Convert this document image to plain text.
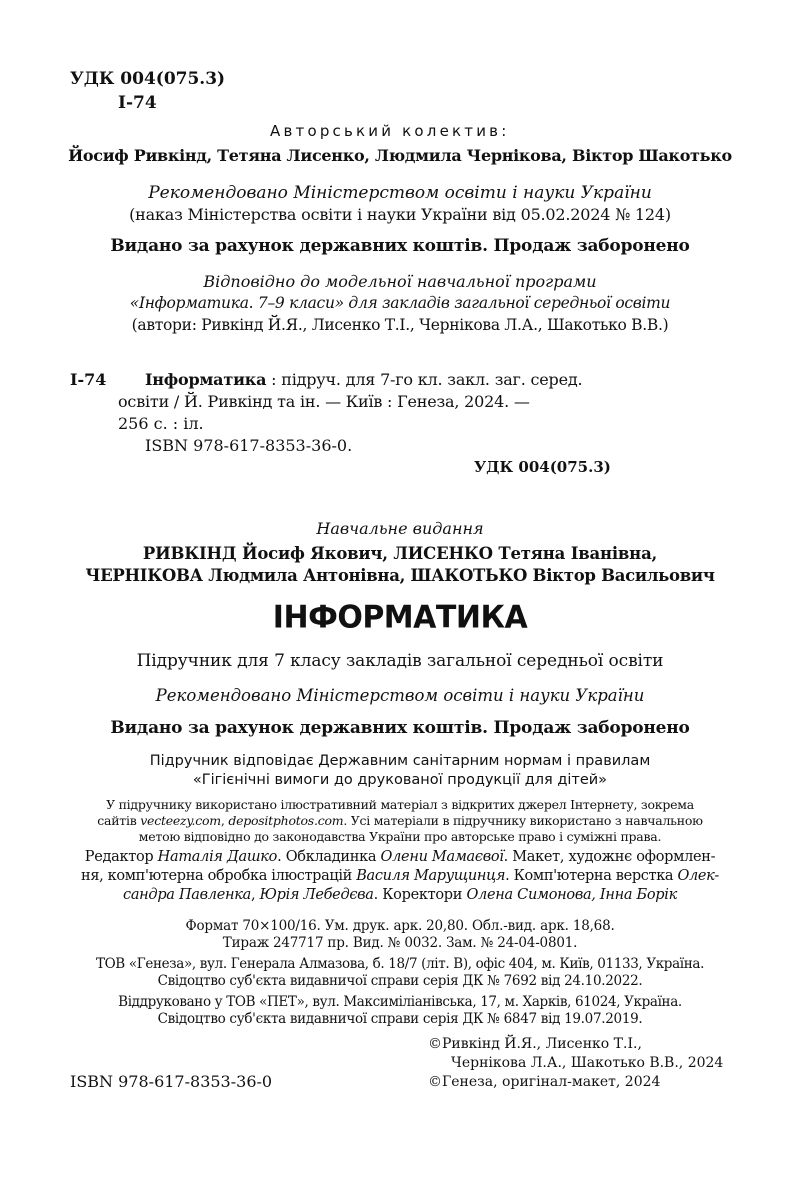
УДК 004(075.3)
І-74
Авторський колектив:
Йосиф Ривкінд, Тетяна Лисенко, Людмила Чернікова, Віктор Шакотько
Рекомендовано Міністерством освіти і науки України
(наказ Міністерства освіти і науки України від 05.02.2024 № 124)
Видано за рахунок державних коштів. Продаж заборонено
Відповідно до модельної навчальної програми
«Інформатика. 7–9 класи» для закладів загальної середньої освіти
(автори: Ривкінд Й.Я., Лисенко Т.І., Чернікова Л.А., Шакотько В.В.)
І-74 Інформатика : підруч. для 7-го кл. закл. заг. серед.
освіти / Й. Ривкінд та ін. — Київ : Генеза, 2024. —
256 с. : іл.
ISBN 978-617-8353-36-0.
УДК 004(075.3)
Навчальне видання
РИВКІНД Йосиф Якович, ЛИСЕНКО Тетяна Іванівна,
ЧЕРНІКОВА Людмила Антонівна, ШАКОТЬКО Віктор Васильович
ІНФОРМАТИКА
Підручник для 7 класу закладів загальної середньої освіти
Рекомендовано Міністерством освіти і науки України
Видано за рахунок державних коштів. Продаж заборонено
Підручник відповідає Державним санітарним нормам і правилам
«Гігієнічні вимоги до друкованої продукції для дітей»
У підручнику використано ілюстративний матеріал з відкритих джерел Інтернету, зокрема
сайтів vecteezy.com, depositphotos.com. Усі матеріали в підручнику використано з навчальною
метою відповідно до законодавства України про авторське право і суміжні права.
Редактор Наталія Дашко. Обкладинка Олени Мамаєвої. Макет, художнє оформлен-
ня, комп'ютерна обробка ілюстрацій Василя Марущинця. Комп'ютерна верстка Олек-
сандра Павленка, Юрія Лебедєва. Коректори Олена Симонова, Інна Борік
Формат 70×100/16. Ум. друк. арк. 20,80. Обл.-вид. арк. 18,68.
Тираж 247717 пр. Вид. № 0032. Зам. № 24-04-0801.
ТОВ «Генеза», вул. Генерала Алмазова, б. 18/7 (літ. В), офіс 404, м. Київ, 01133, Україна.
Свідоцтво суб'єкта видавничої справи серія ДК № 7692 від 24.10.2022.
Віддруковано у ТОВ «ПЕТ», вул. Максиміліанівська, 17, м. Харків, 61024, Україна.
Свідоцтво суб'єкта видавничої справи серія ДК № 6847 від 19.07.2019.
©Ривкінд Й.Я., Лисенко Т.І.,
Чернікова Л.А., Шакотько В.В., 2024
©Генеза, оригінал-макет, 2024
ISBN 978-617-8353-36-0
